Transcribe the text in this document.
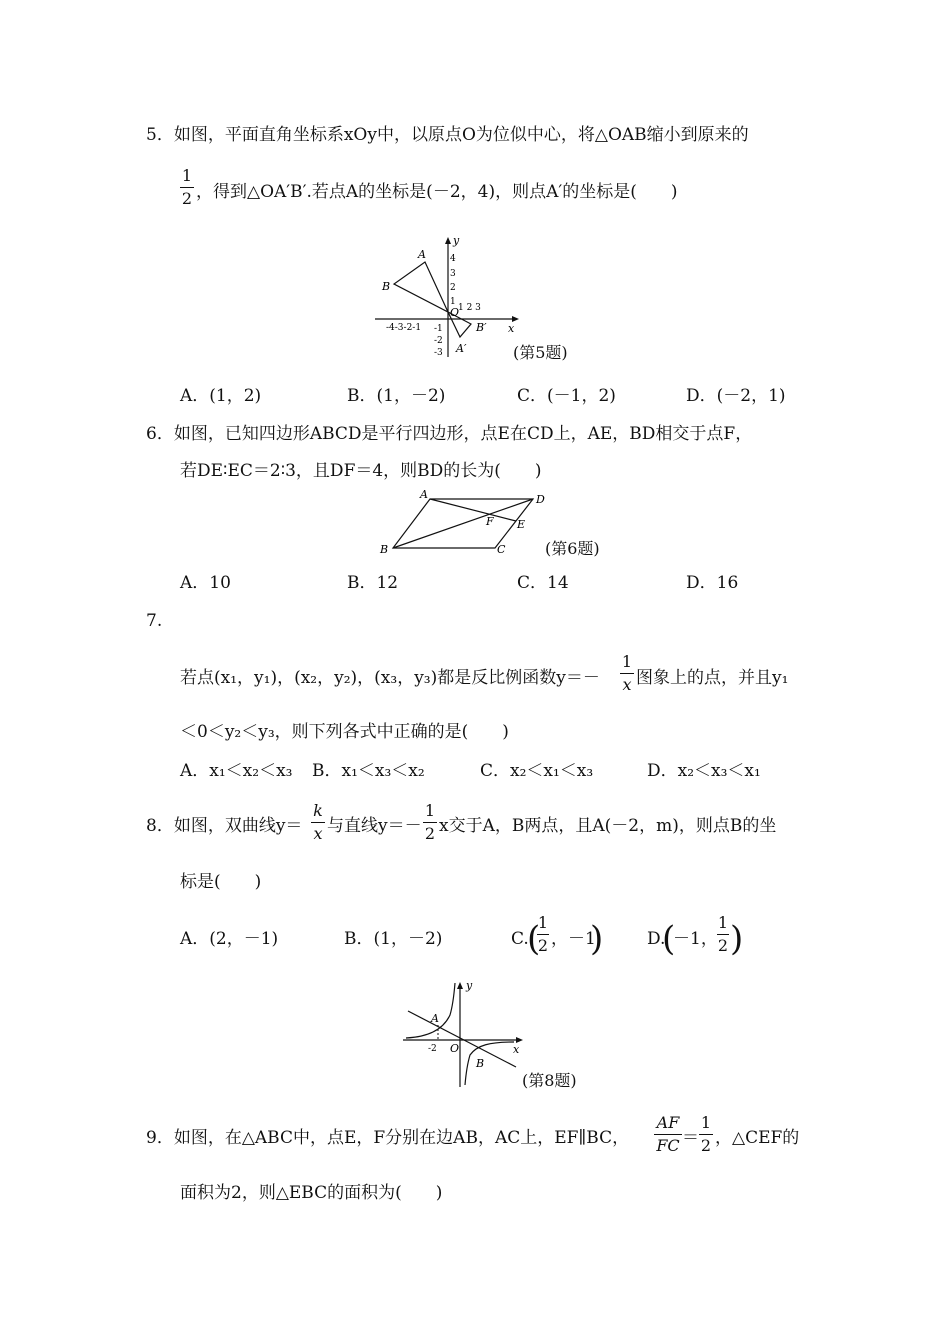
5．如图，平面直角坐标系xOy中，以原点O为位似中心，将△OAB缩小到原来的
1
2 ，得到△OA′B′.若点A的坐标是(－2，4)，则点A′的坐标是(　　)
y
x
O
A
B
A′
B′
4
3
2
1
-1
-2
-3
-4-3-2-1
1 2 3
(第5题)
A．(1，2)	B．(1，－2)	C．(－1，2)	D．(－2，1)
6．如图，已知四边形ABCD是平行四边形，点E在CD上，AE，BD相交于点F，
若DE∶EC＝2∶3，且DF＝4，则BD的长为(　　)
A	D
B	C
E
F
(第6题)
A．10	B．12	C．14	D．16
7.
若点(x₁，y₁)，(x₂，y₂)，(x₃，y₃)都是反比例函数y＝－
1
x 图象上的点，并且y₁
＜0＜y₂＜y₃，则下列各式中正确的是(　　)
A．x₁＜x₂＜x₃ B．x₁＜x₃＜x₂	C．x₂＜x₁＜x₃	D．x₂＜x₃＜x₁
8．如图，双曲线y＝
k
x 与直线y＝－
1
2 x交于A，B两点，且A(－2，m)，则点B的坐
标是(　　)
A．(2，－1)	B．(1，－2)	C.
(
1
2 ，－1
)	D.
(
－1，
1
2 )
y
x
O
A
B
-2
(第8题)
9．如图，在△ABC中，点E，F分别在边AB，AC上，EF∥BC，
AF
FC ＝
1
2 ，△CEF的
面积为2，则△EBC的面积为(　　)
